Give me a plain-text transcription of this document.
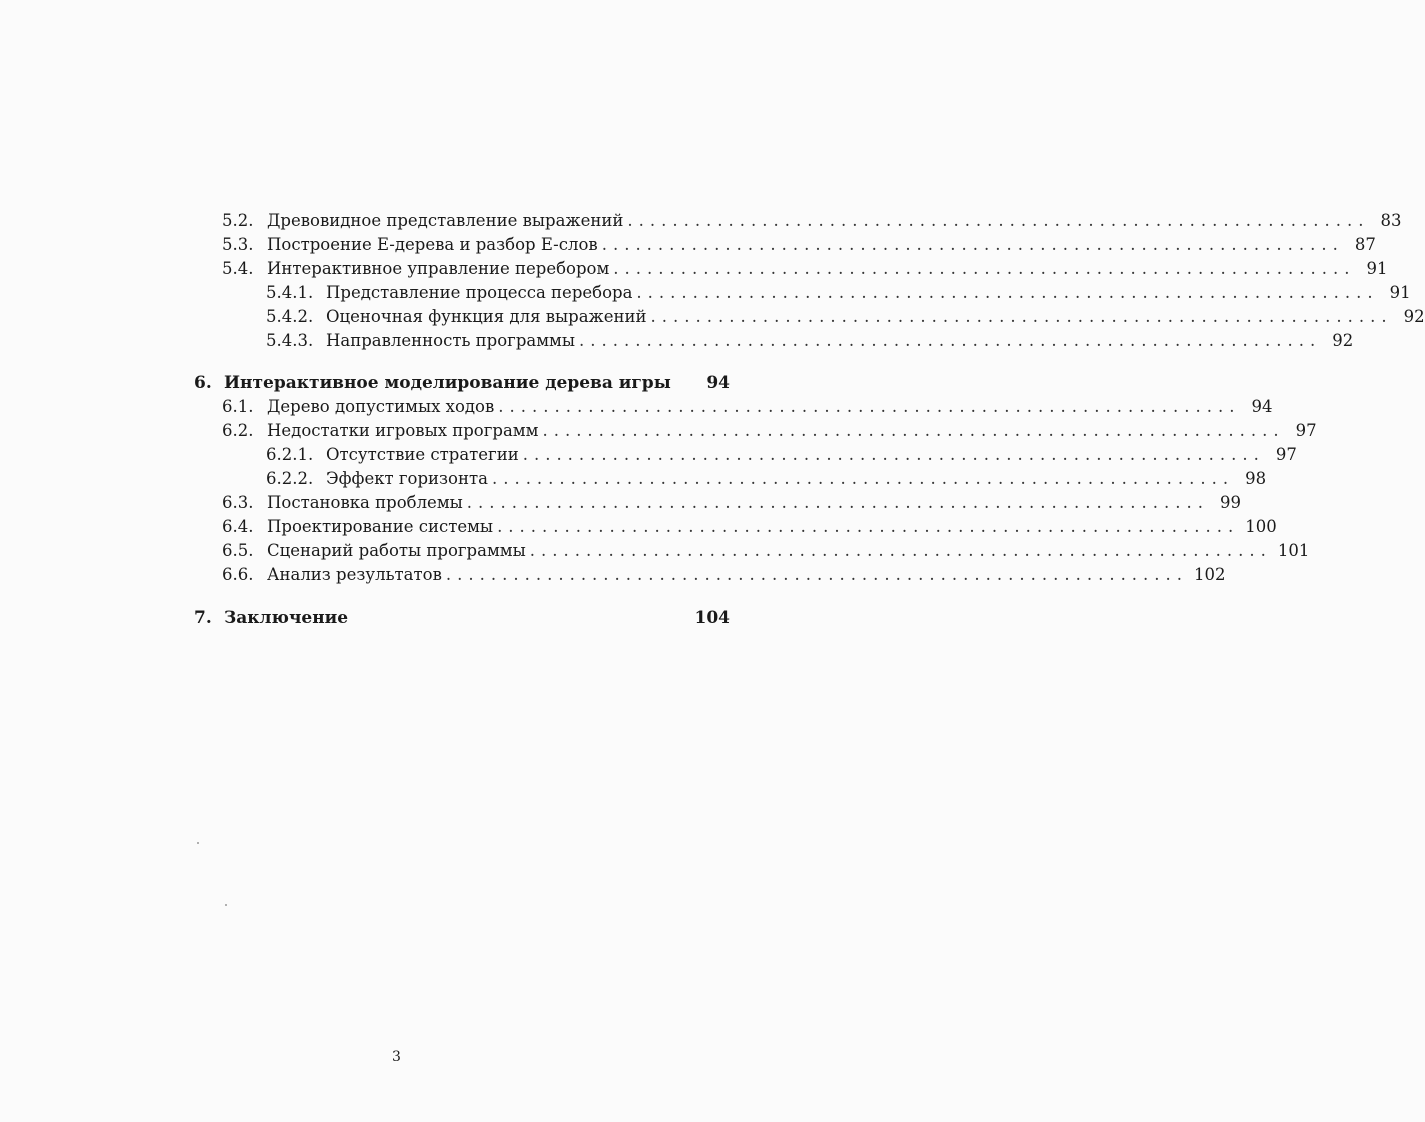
5.2. Древовидное представление выражений .................................................................. 83
5.3. Построение E-дерева и разбор E-слов .................................................................. 87
5.4. Интерактивное управление перебором .................................................................. 91
5.4.1. Представление процесса перебора .................................................................. 91
5.4.2. Оценочная функция для выражений .................................................................. 92
5.4.3. Направленность программы .................................................................. 92
6. Интерактивное моделирование дерева игры 94
6.1. Дерево допустимых ходов .................................................................. 94
6.2. Недостатки игровых программ .................................................................. 97
6.2.1. Отсутствие стратегии .................................................................. 97
6.2.2. Эффект горизонта .................................................................. 98
6.3. Постановка проблемы .................................................................. 99
6.4. Проектирование системы .................................................................. 100
6.5. Сценарий работы программы .................................................................. 101
6.6. Анализ результатов .................................................................. 102
7. Заключение	104
3
